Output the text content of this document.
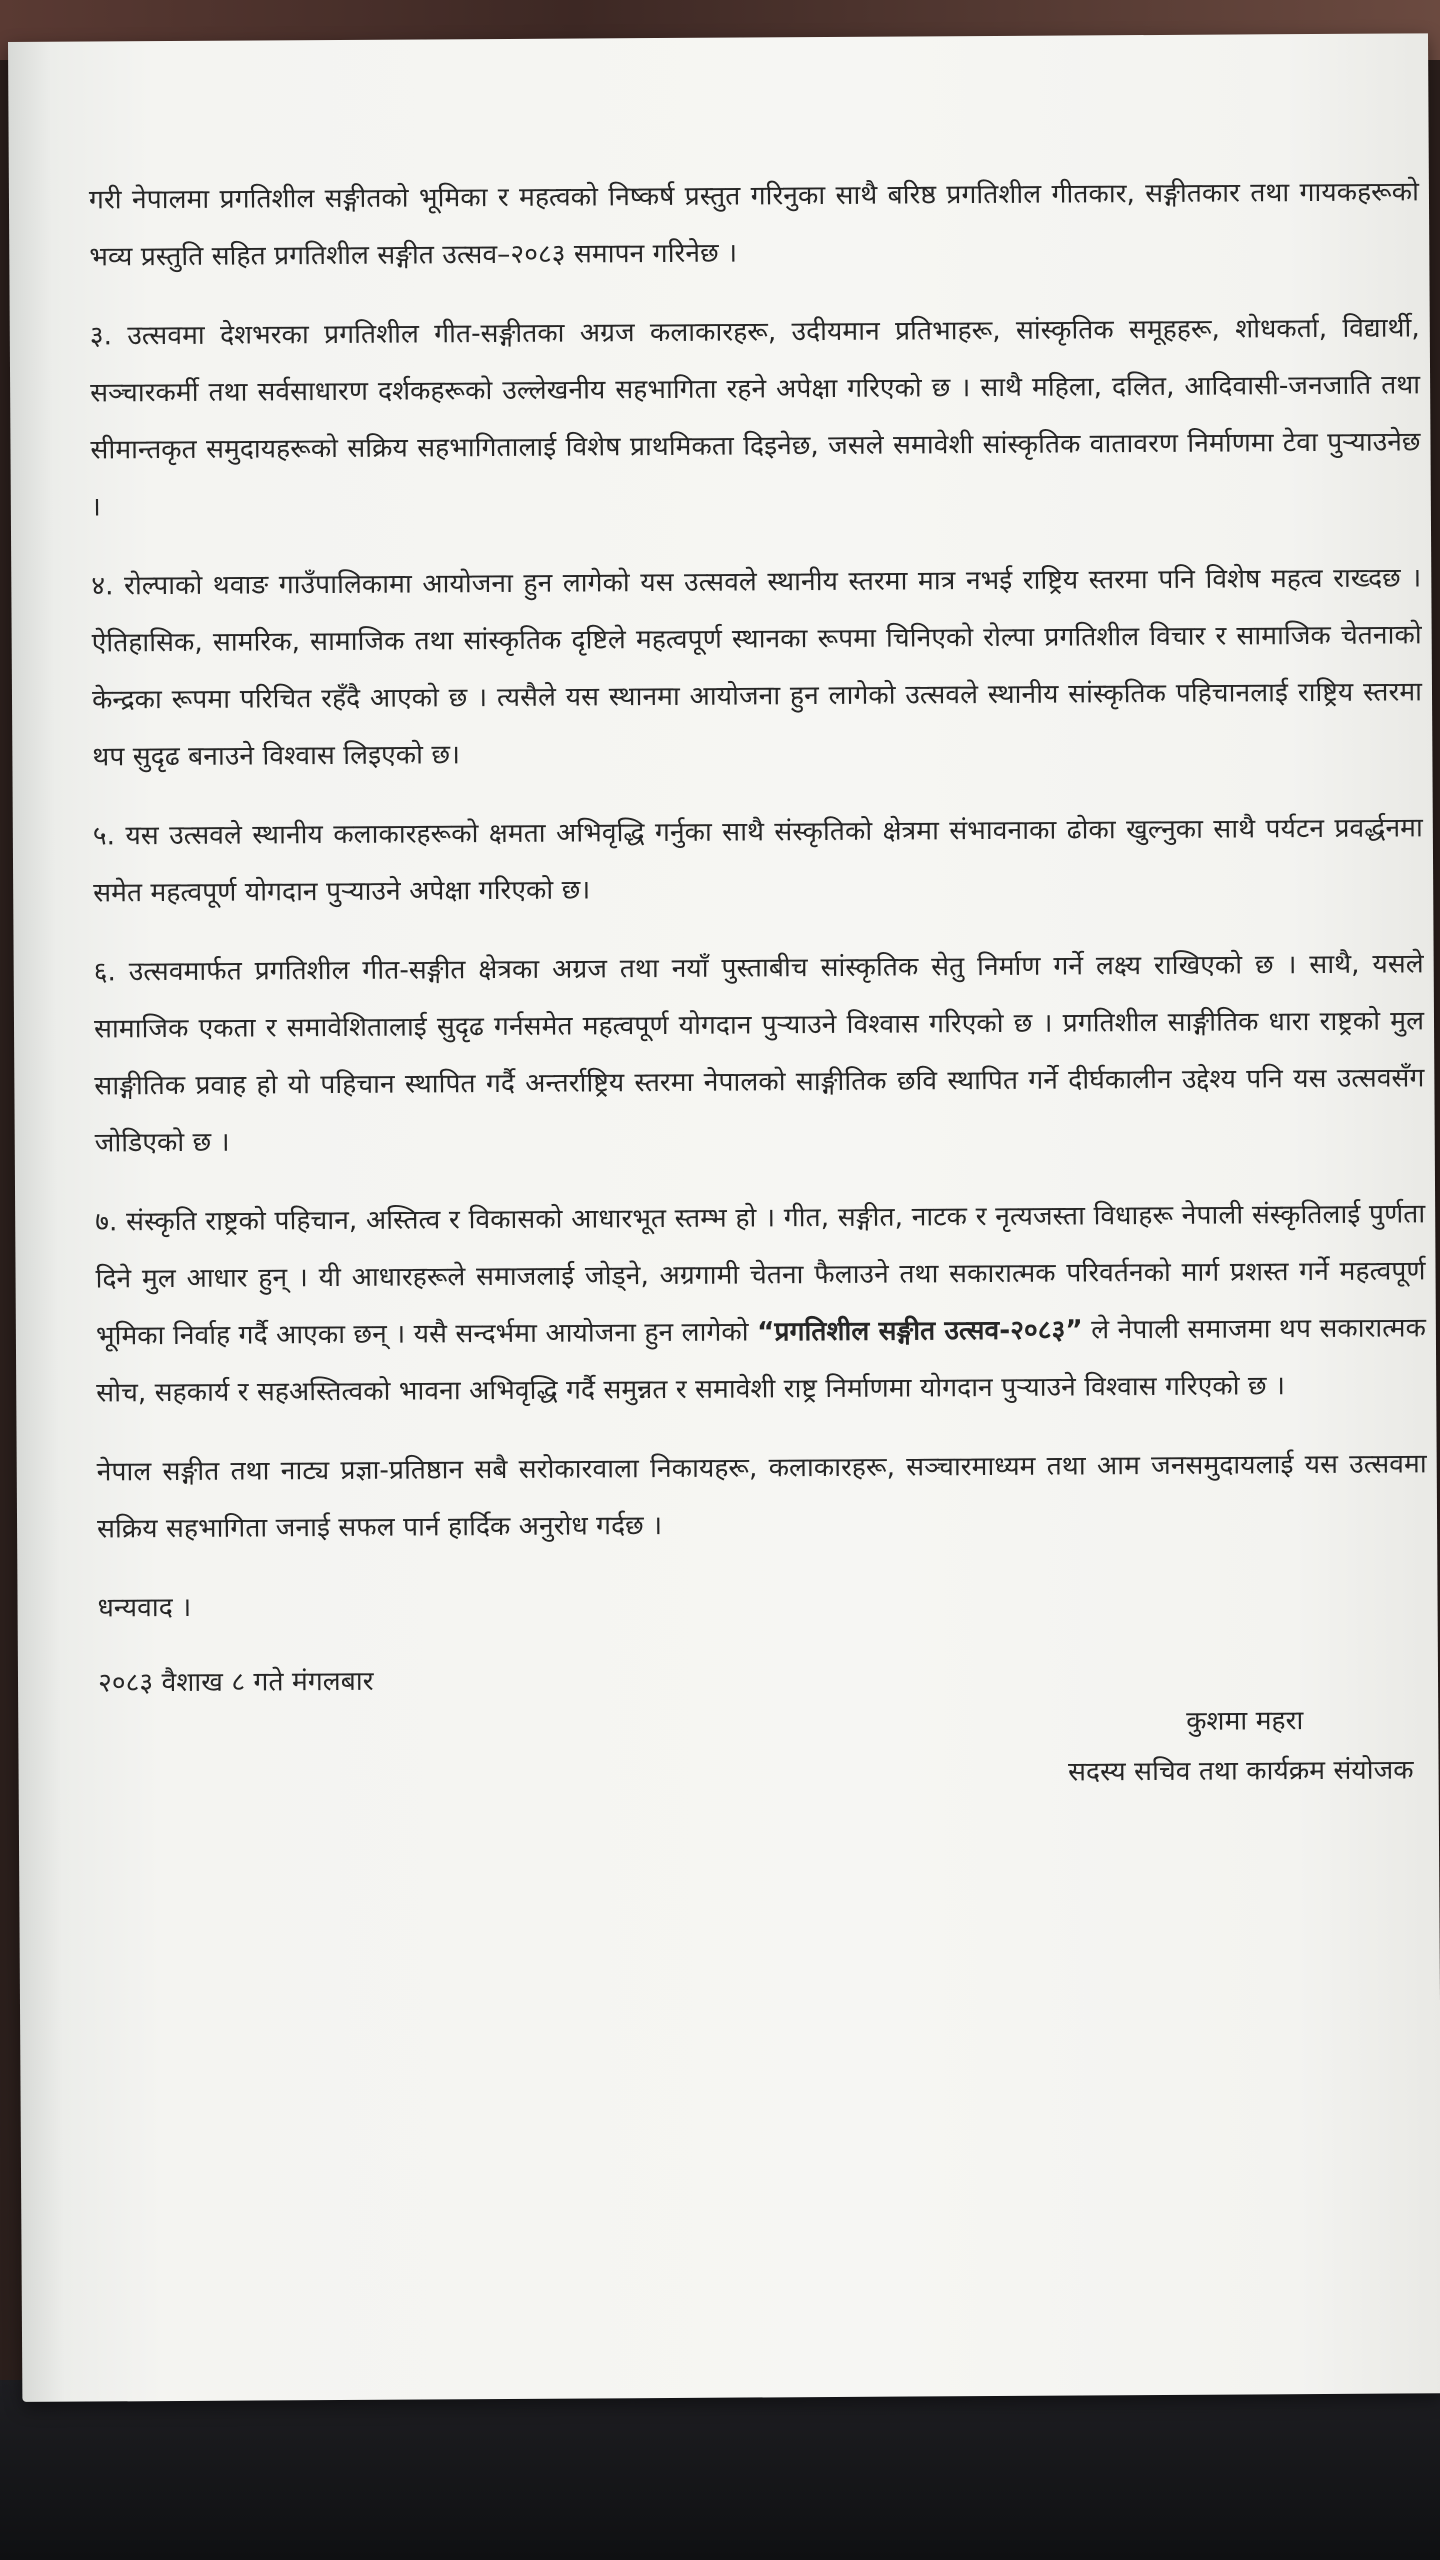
गरी नेपालमा प्रगतिशील सङ्गीतको भूमिका र महत्वको निष्कर्ष प्रस्तुत गरिनुका साथै बरिष्ठ प्रगतिशील गीतकार, सङ्गीतकार तथा गायकहरूको भव्य प्रस्तुति सहित प्रगतिशील सङ्गीत उत्सव–२०८३ समापन गरिनेछ ।

३. उत्सवमा देशभरका प्रगतिशील गीत-सङ्गीतका अग्रज कलाकारहरू, उदीयमान प्रतिभाहरू, सांस्कृतिक समूहहरू, शोधकर्ता, विद्यार्थी, सञ्चारकर्मी तथा सर्वसाधारण दर्शकहरूको उल्लेखनीय सहभागिता रहने अपेक्षा गरिएको छ । साथै महिला, दलित, आदिवासी-जनजाति तथा सीमान्तकृत समुदायहरूको सक्रिय सहभागितालाई विशेष प्राथमिकता दिइनेछ, जसले समावेशी सांस्कृतिक वातावरण निर्माणमा टेवा पुऱ्याउनेछ ।

४. रोल्पाको थवाङ गाउँपालिकामा आयोजना हुन लागेको यस उत्सवले स्थानीय स्तरमा मात्र नभई राष्ट्रिय स्तरमा पनि विशेष महत्व राख्दछ । ऐतिहासिक, सामरिक, सामाजिक तथा सांस्कृतिक दृष्टिले महत्वपूर्ण स्थानका रूपमा चिनिएको रोल्पा प्रगतिशील विचार र सामाजिक चेतनाको केन्द्रका रूपमा परिचित रहँदै आएको छ । त्यसैले यस स्थानमा आयोजना हुन लागेको उत्सवले स्थानीय सांस्कृतिक पहिचानलाई राष्ट्रिय स्तरमा थप सुदृढ बनाउने विश्वास लिइएको छ।

५. यस उत्सवले स्थानीय कलाकारहरूको क्षमता अभिवृद्धि गर्नुका साथै संस्कृतिको क्षेत्रमा संभावनाका ढोका खुल्नुका साथै पर्यटन प्रवर्द्धनमा समेत महत्वपूर्ण योगदान पुऱ्याउने अपेक्षा गरिएको छ।

६. उत्सवमार्फत प्रगतिशील गीत-सङ्गीत क्षेत्रका अग्रज तथा नयाँ पुस्ताबीच सांस्कृतिक सेतु निर्माण गर्ने लक्ष्य राखिएको छ । साथै, यसले सामाजिक एकता र समावेशितालाई सुदृढ गर्नसमेत महत्वपूर्ण योगदान पुऱ्याउने विश्वास गरिएको छ । प्रगतिशील साङ्गीतिक धारा राष्ट्रको मुल साङ्गीतिक प्रवाह हो यो पहिचान स्थापित गर्दै अन्तर्राष्ट्रिय स्तरमा नेपालको साङ्गीतिक छवि स्थापित गर्ने दीर्घकालीन उद्देश्य पनि यस उत्सवसँग जोडिएको छ ।

७. संस्कृति राष्ट्रको पहिचान, अस्तित्व र विकासको आधारभूत स्तम्भ हो । गीत, सङ्गीत, नाटक र नृत्यजस्ता विधाहरू नेपाली संस्कृतिलाई पुर्णता दिने मुल आधार हुन् । यी आधारहरूले समाजलाई जोड्ने, अग्रगामी चेतना फैलाउने तथा सकारात्मक परिवर्तनको मार्ग प्रशस्त गर्ने महत्वपूर्ण भूमिका निर्वाह गर्दै आएका छन् । यसै सन्दर्भमा आयोजना हुन लागेको “प्रगतिशील सङ्गीत उत्सव-२०८३” ले नेपाली समाजमा थप सकारात्मक सोच, सहकार्य र सहअस्तित्वको भावना अभिवृद्धि गर्दै समुन्नत र समावेशी राष्ट्र निर्माणमा योगदान पुऱ्याउने विश्वास गरिएको छ ।

नेपाल सङ्गीत तथा नाट्य प्रज्ञा-प्रतिष्ठान सबै सरोकारवाला निकायहरू, कलाकारहरू, सञ्चारमाध्यम तथा आम जनसमुदायलाई यस उत्सवमा सक्रिय सहभागिता जनाई सफल पार्न हार्दिक अनुरोध गर्दछ ।

धन्यवाद ।

२०८३ वैशाख ८ गते मंगलबार

कुशमा महरा
सदस्य सचिव तथा कार्यक्रम संयोजक
